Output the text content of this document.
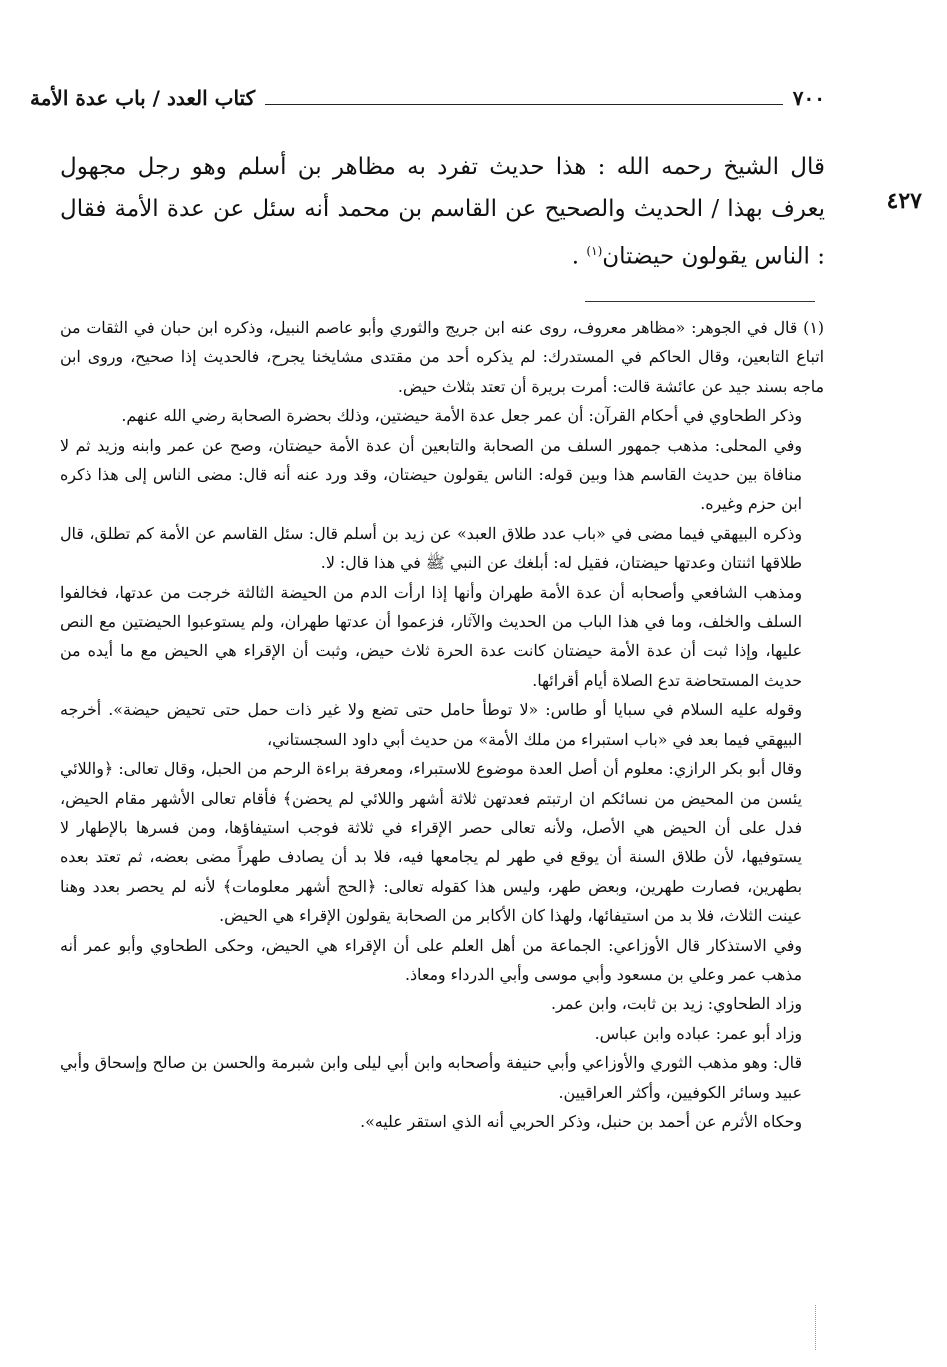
٧٠٠
كتاب العدد / باب عدة الأمة
٤٢٧

قال الشيخ رحمه الله : هذا حديث تفرد به مظاهر بن أسلم وهو رجل مجهول يعرف بهذا / الحديث والصحيح عن القاسم بن محمد أنه سئل عن عدة الأمة فقال : الناس يقولون حيضتان$^{(١)}$ .

(١) قال في الجوهر: «مظاهر معروف، روى عنه ابن جريج والثوري وأبو عاصم النبيل، وذكره ابن حبان في الثقات من اتباع التابعين، وقال الحاكم في المستدرك: لم يذكره أحد من مقتدى مشايخنا يجرح، فالحديث إذا صحيح، وروى ابن ماجه بسند جيد عن عائشة قالت: أمرت بريرة أن تعتد بثلاث حيض.

وذكر الطحاوي في أحكام القرآن: أن عمر جعل عدة الأمة حيضتين، وذلك بحضرة الصحابة رضي الله عنهم.

وفي المحلى: مذهب جمهور السلف من الصحابة والتابعين أن عدة الأمة حيضتان، وصح عن عمر وابنه وزيد ثم لا منافاة بين حديث القاسم هذا وبين قوله: الناس يقولون حيضتان، وقد ورد عنه أنه قال: مضى الناس إلى هذا ذكره ابن حزم وغيره.

وذكره البيهقي فيما مضى في «باب عدد طلاق العبد» عن زيد بن أسلم قال: سئل القاسم عن الأمة كم تطلق، قال طلاقها اثنتان وعدتها حيضتان، فقيل له: أبلغك عن النبي ﷺ في هذا قال: لا.

ومذهب الشافعي وأصحابه أن عدة الأمة طهران وأنها إذا ارأت الدم من الحيضة الثالثة خرجت من عدتها، فخالفوا السلف والخلف، وما في هذا الباب من الحديث والآثار، فزعموا أن عدتها طهران، ولم يستوعبوا الحيضتين مع النص عليها، وإذا ثبت أن عدة الأمة حيضتان كانت عدة الحرة ثلاث حيض، وثبت أن الإقراء هي الحيض مع ما أيده من حديث المستحاضة تدع الصلاة أيام أقرائها.

وقوله عليه السلام في سبايا أو طاس: «لا توطأ حامل حتى تضع ولا غير ذات حمل حتى تحيض حيضة». أخرجه البيهقي فيما بعد في «باب استبراء من ملك الأمة» من حديث أبي داود السجستاني،

وقال أبو بكر الرازي: معلوم أن أصل العدة موضوع للاستبراء، ومعرفة براءة الرحم من الحبل، وقال تعالى: ﴿واللائي يئسن من المحيض من نسائكم ان ارتبتم فعدتهن ثلاثة أشهر واللائي لم يحضن﴾ فأقام تعالى الأشهر مقام الحيض، فدل على أن الحيض هي الأصل، ولأنه تعالى حصر الإقراء في ثلاثة فوجب استيفاؤها، ومن فسرها بالإطهار لا يستوفيها، لأن طلاق السنة أن يوقع في طهر لم يجامعها فيه، فلا بد أن يصادف طهراً مضى بعضه، ثم تعتد بعده بطهرين، فصارت طهرين، وبعض طهر، وليس هذا كقوله تعالى: ﴿الحج أشهر معلومات﴾ لأنه لم يحصر بعدد وهنا عينت الثلاث، فلا بد من استيفائها، ولهذا كان الأكابر من الصحابة يقولون الإقراء هي الحيض.

وفي الاستذكار قال الأوزاعي: الجماعة من أهل العلم على أن الإقراء هي الحيض، وحكى الطحاوي وأبو عمر أنه مذهب عمر وعلي بن مسعود وأبي موسى وأبي الدرداء ومعاذ.

وزاد الطحاوي: زيد بن ثابت، وابن عمر.

وزاد أبو عمر: عباده وابن عباس.

قال: وهو مذهب الثوري والأوزاعي وأبي حنيفة وأصحابه وابن أبي ليلى وابن شبرمة والحسن بن صالح وإسحاق وأبي عبيد وسائر الكوفيين، وأكثر العراقيين.

وحكاه الأثرم عن أحمد بن حنبل، وذكر الحربي أنه الذي استقر عليه».
